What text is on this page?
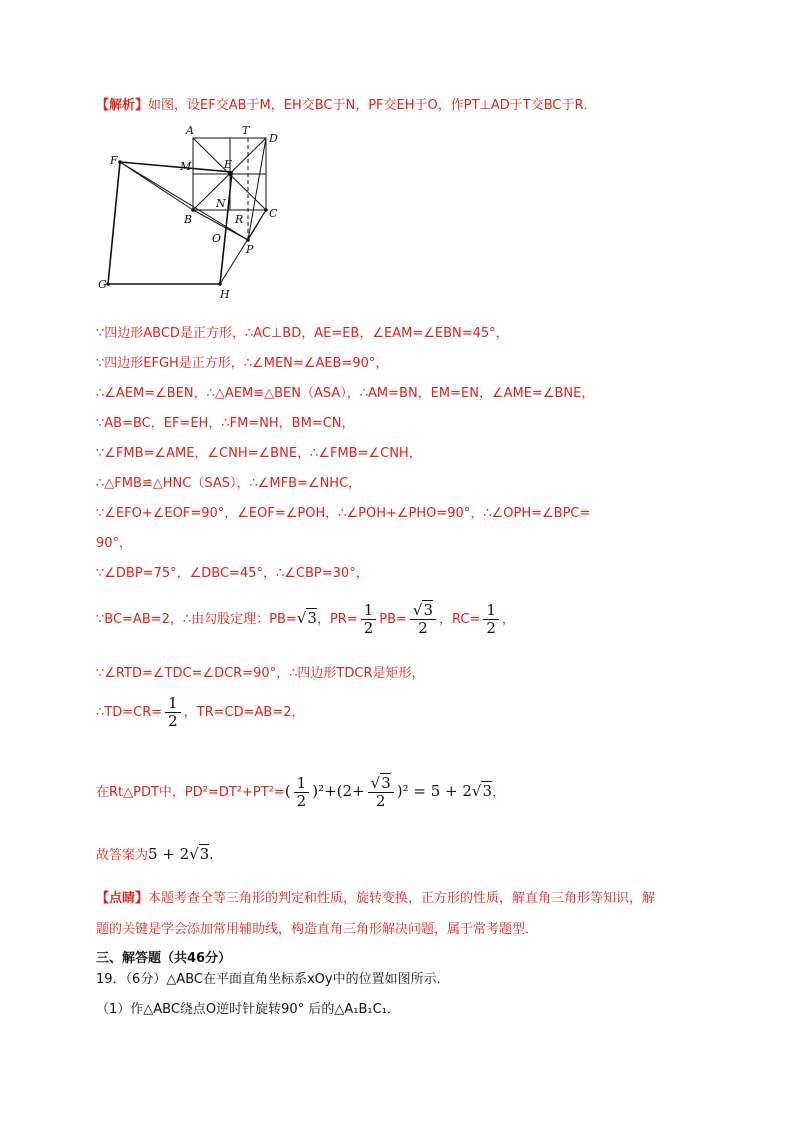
【解析】如图，设EF交AB于M，EH交BC于N，PF交EH于O，作PT⊥AD于T交BC于R．
A	T
D
F	M	E
N
B	R C
O
P
G
H
∵四边形ABCD是正方形，∴AC⊥BD，AE=EB，∠EAM=∠EBN=45°，
∵四边形EFGH是正方形，∴∠MEN=∠AEB=90°，
∴∠AEM=∠BEN，∴△AEM≌△BEN（ASA），∴AM=BN，EM=EN，∠AME=∠BNE，
∵AB=BC，EF=EH，∴FM=NH，BM=CN，
∵∠FMB=∠AME，∠CNH=∠BNE，∴∠FMB=∠CNH，
∴△FMB≌△HNC（SAS），∴∠MFB=∠NHC，
∵∠EFO+∠EOF=90°，∠EOF=∠POH，∴∠POH+∠PHO=90°，∴∠OPH=∠BPC=
90°，
∵∠DBP=75°，∠DBC=45°，∴∠CBP=30°，
∵BC=AB=2，∴由勾股定理：PB=√3，$PR= \frac{1}{2} PB= \frac{√3}{2}$ ，$RC= \frac{1}{2}$ ，
∵∠RTD=∠TDC=∠DCR=90°，∴四边形TDCR是矩形，
∴TD=CR= $\frac{1}{2}$ ，TR=CD=AB=2，
在Rt△PDT中，$PD^2=DT^2+PT^2=( \frac{1}{2} )^2+(2+ \frac{√3}{2} )^2 = 5 + 2√3$，
故答案为5 + 2√3.
【点睛】本题考查全等三角形的判定和性质，旋转变换，正方形的性质，解直角三角形等知识，解
题的关键是学会添加常用辅助线，构造直角三角形解决问题，属于常考题型．
三、解答题（共46分）
19．（6分）△ABC在平面直角坐标系xOy中的位置如图所示．
（1）作△ABC绕点O逆时针旋转90° 后的△A₁B₁C₁．
